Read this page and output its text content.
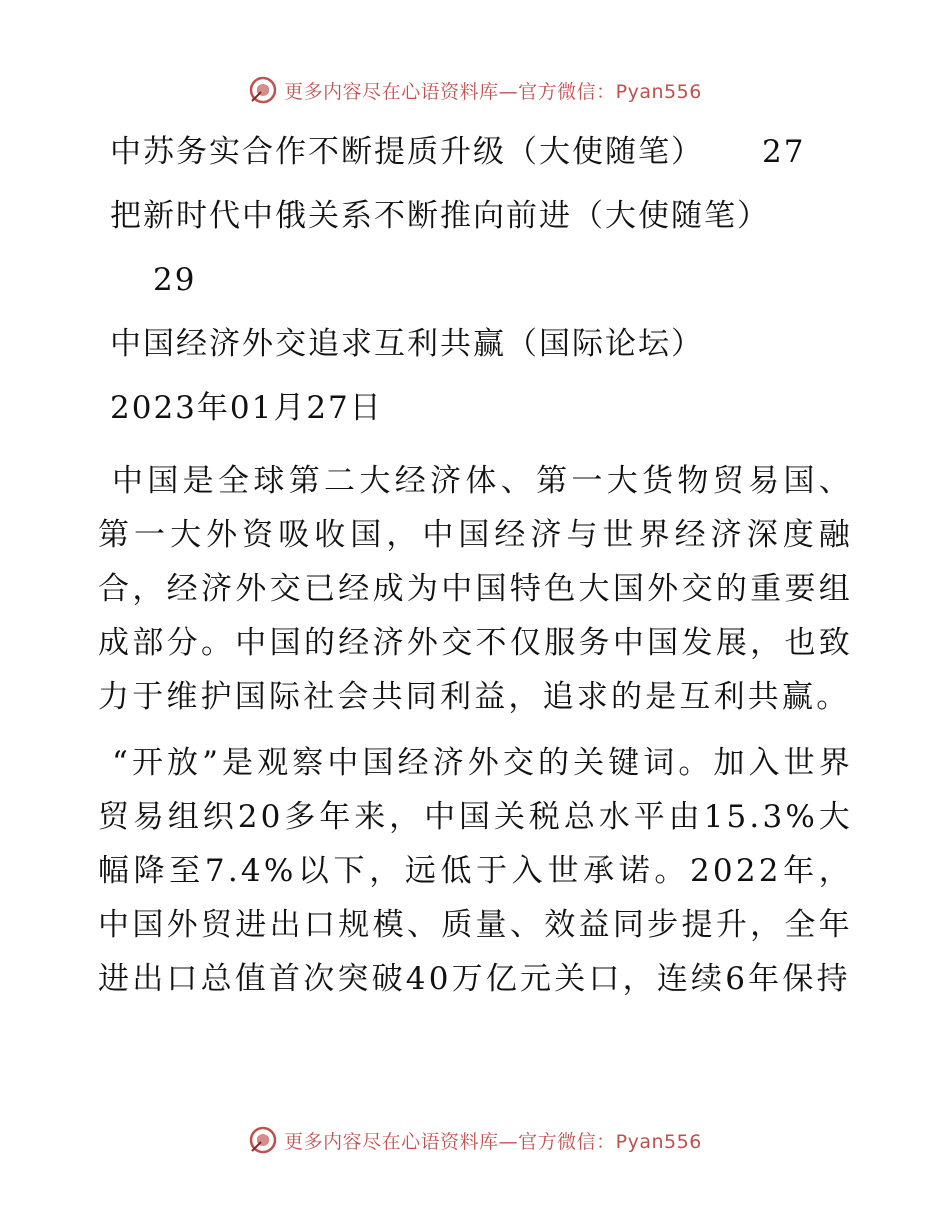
更多内容尽在心语资料库—官方微信：Pyan556
中苏务实合作不断提质升级（大使随笔） 27
把新时代中俄关系不断推向前进（大使随笔）
29
中国经济外交追求互利共赢（国际论坛）
2023年01月27日

中国是全球第二大经济体、第一大货物贸易国、第一大外资吸收国，中国经济与世界经济深度融合，经济外交已经成为中国特色大国外交的重要组成部分。中国的经济外交不仅服务中国发展，也致力于维护国际社会共同利益，追求的是互利共赢。

“开放”是观察中国经济外交的关键词。加入世界贸易组织20多年来，中国关税总水平由15.3%大幅降至7.4%以下，远低于入世承诺。2022年，中国外贸进出口规模、质量、效益同步提升，全年进出口总值首次突破40万亿元关口，连续6年保持

更多内容尽在心语资料库—官方微信：Pyan556
